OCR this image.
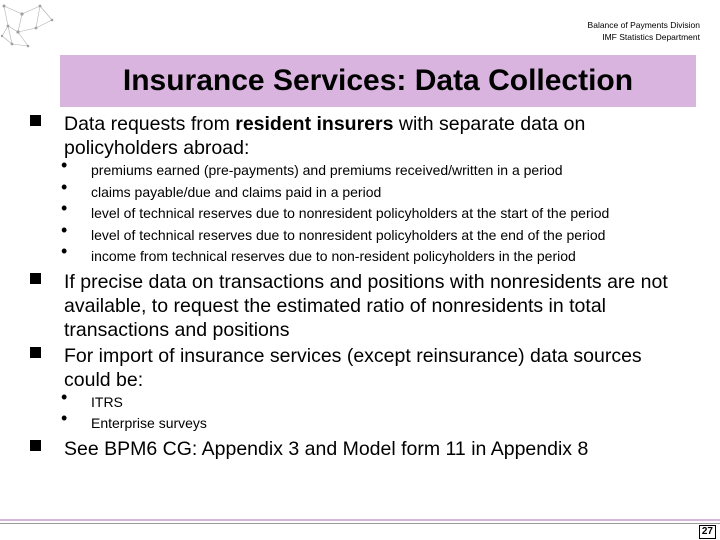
Balance of Payments Division
IMF Statistics Department
Insurance Services: Data Collection
Data requests from resident insurers with separate data on policyholders abroad:
• premiums earned (pre-payments) and premiums received/written in a period
• claims payable/due and claims paid in a period
• level of technical reserves due to nonresident policyholders at the start of the period
• level of technical reserves due to nonresident policyholders at the end of the period
• income from technical reserves due to non-resident policyholders in the period
If precise data on transactions and positions with nonresidents are not available, to request the estimated ratio of nonresidents in total transactions and positions
For import of insurance services (except reinsurance) data sources could be:
• ITRS
• Enterprise surveys
See BPM6 CG: Appendix 3 and Model form 11 in Appendix 8
27
